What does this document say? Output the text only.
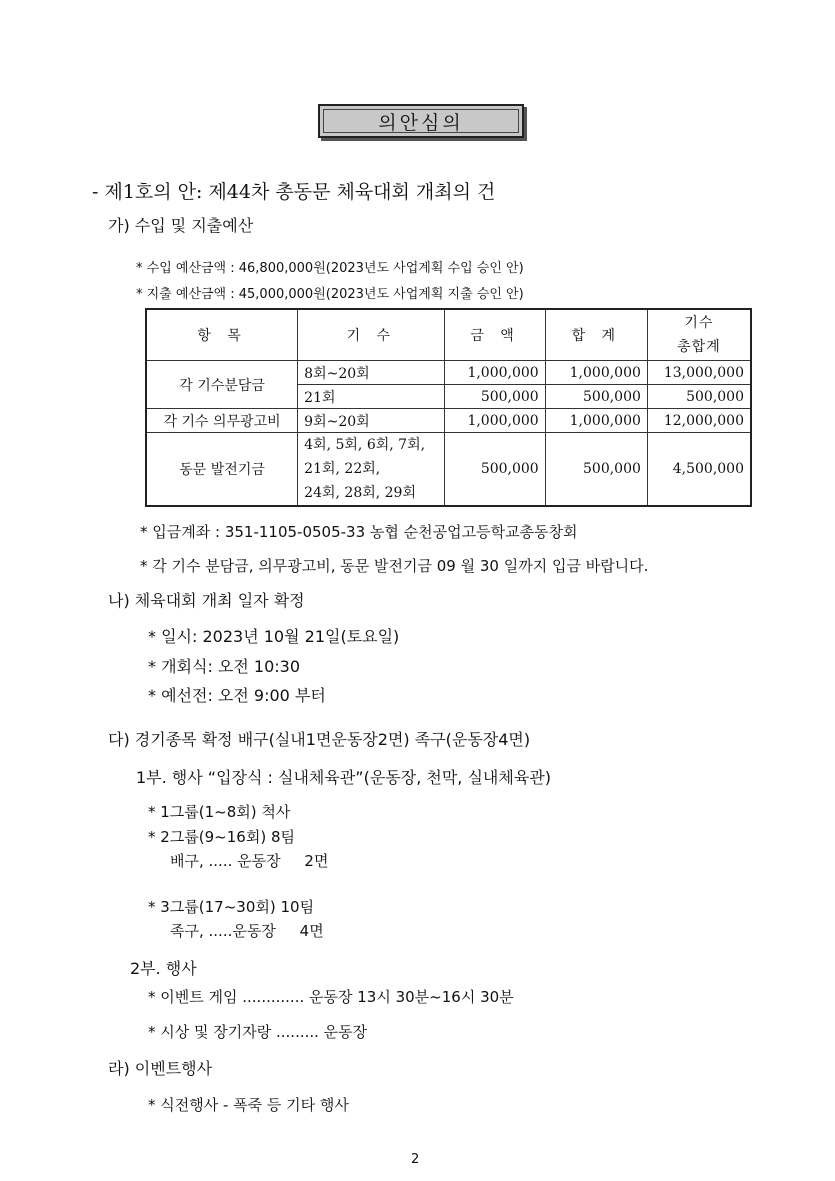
의안심의
- 제1호의 안: 제44차 총동문 체육대회 개최의 건
가) 수입 및 지출예산
* 수입 예산금액 : 46,800,000원(2023년도 사업계획 수입 승인 안)
* 지출 예산금액 : 45,000,000원(2023년도 사업계획 지출 승인 안)
항 목	기 수	금 액	합 계	기수
총합계

각 기수분담금	8회~20회	1,000,000	1,000,000	13,000,000
	21회	500,000	500,000	500,000
각 기수 의무광고비	9회~20회	1,000,000	1,000,000	12,000,000
동문 발전기금	4회, 5회, 6회, 7회,
21회, 22회,
24회, 28회, 29회	500,000	500,000	4,500,000
* 입금계좌 : 351-1105-0505-33 농협 순천공업고등학교총동창회
* 각 기수 분담금, 의무광고비, 동문 발전기금 09 월 30 일까지 입금 바랍니다.
나) 체육대회 개최 일자 확정
* 일시: 2023년 10월 21일(토요일)
* 개회식: 오전 10:30
* 예선전: 오전 9:00 부터
다) 경기종목 확정 배구(실내1면운동장2면) 족구(운동장4면)
1부. 행사 “입장식 : 실내체육관”(운동장, 천막, 실내체육관)
* 1그룹(1~8회) 척사
* 2그룹(9~16회) 8팀
배구, ..... 운동장     2면
* 3그룹(17~30회) 10팀
족구, .....운동장     4면
2부. 행사
* 이벤트 게임 ............. 운동장 13시 30분~16시 30분
* 시상 및 장기자랑 ......... 운동장
라) 이벤트행사
* 식전행사 - 폭죽 등 기타 행사
2
